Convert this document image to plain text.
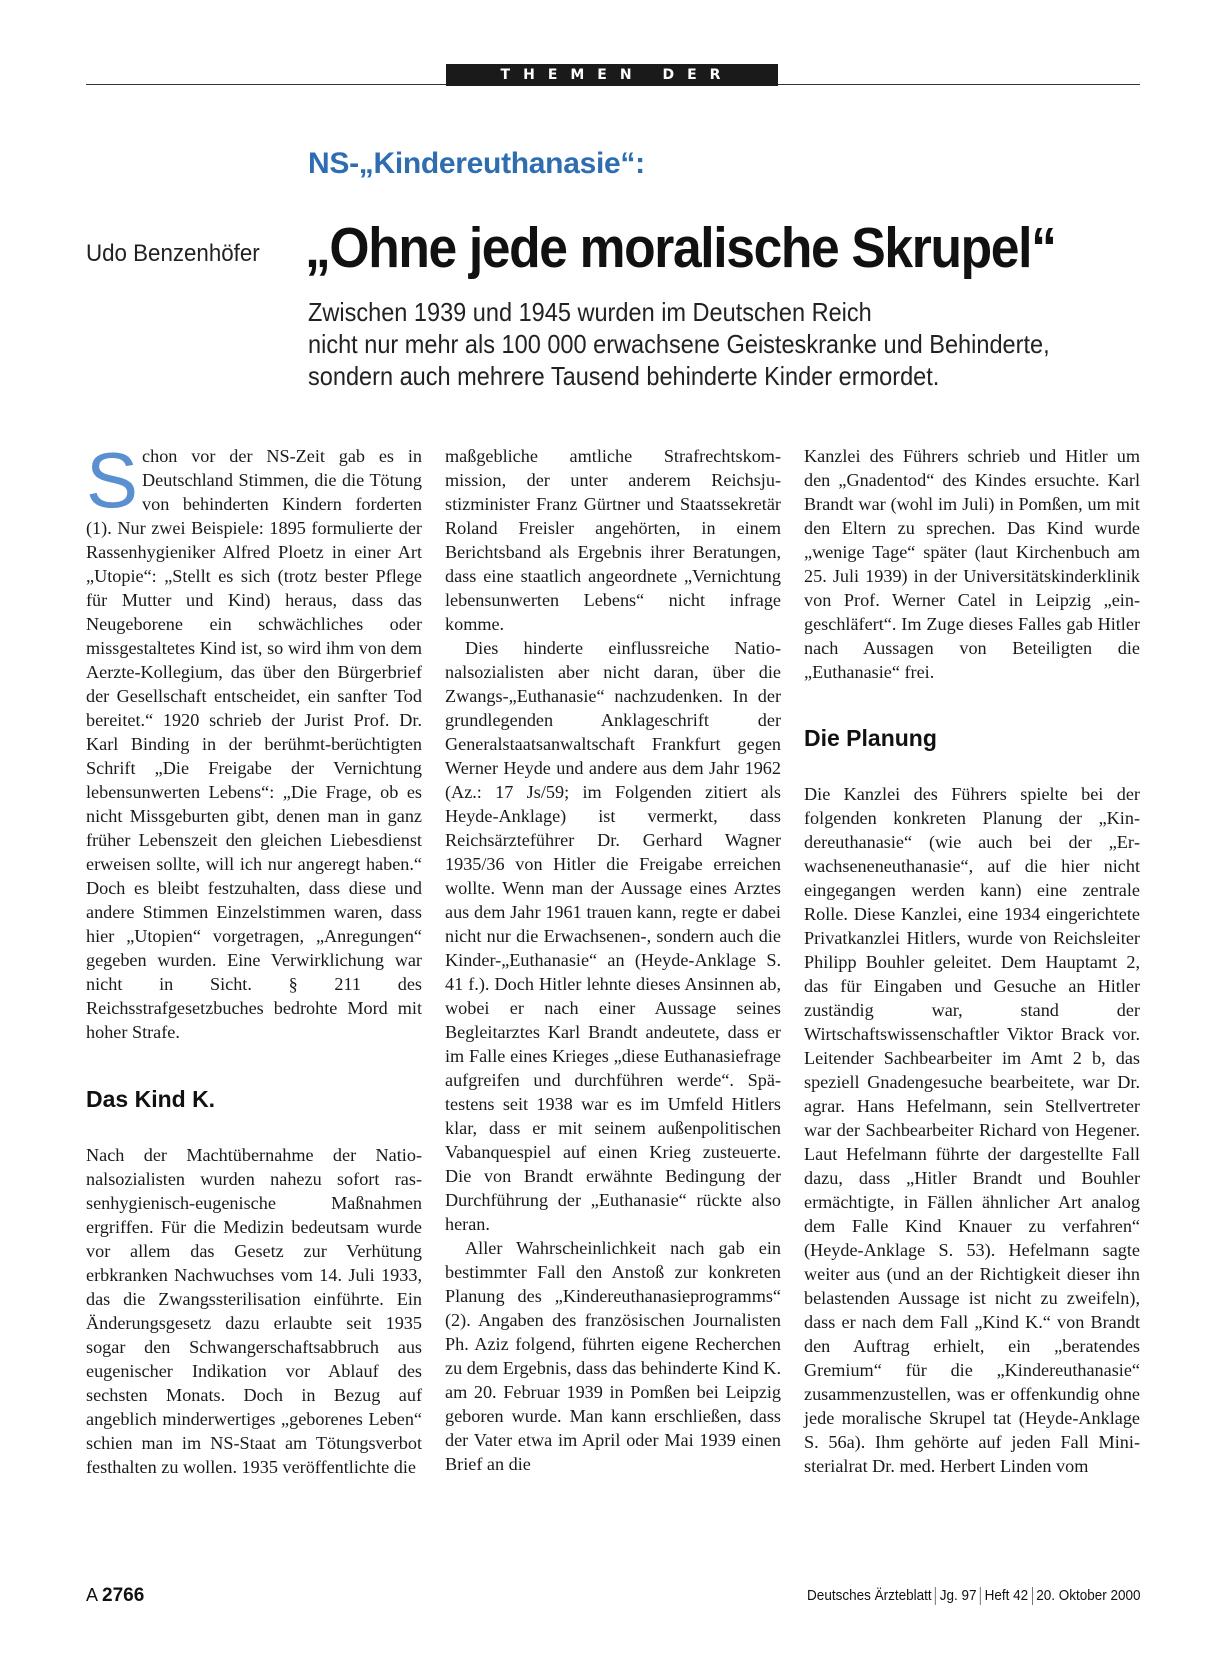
THEMEN DER ZEIT
NS-„Kindereuthanasie“:
Udo Benzenhöfer „Ohne jede moralische Skrupel“
Zwischen 1939 und 1945 wurden im Deutschen Reich
nicht nur mehr als 100 000 erwachsene Geisteskranke und Behinderte,
sondern auch mehrere Tausend behinderte Kinder ermordet.

Schon vor der NS-Zeit gab es in Deutschland Stimmen, die die Tötung von behinderten Kindern forderten (1). Nur zwei Beispiele: 1895 formulierte der Rassenhygieniker Alfred Ploetz in einer Art „Utopie“: „Stellt es sich (trotz bester Pflege für Mutter und Kind) heraus, dass das Neugeborene ein schwächliches oder missgestaltetes Kind ist, so wird ihm von dem Aerzte-Kollegium, das über den Bürgerbrief der Gesellschaft entscheidet, ein sanfter Tod bereitet.“ 1920 schrieb der Jurist Prof. Dr. Karl Binding in der berühmt-berüchtigten Schrift „Die Freigabe der Vernichtung lebensunwerten Lebens“: „Die Frage, ob es nicht Missgeburten gibt, denen man in ganz früher Lebenszeit den gleichen Liebesdienst erweisen sollte, will ich nur angeregt haben.“ Doch es bleibt festzuhalten, dass diese und andere Stimmen Einzelstimmen waren, dass hier „Utopien“ vorgetragen, „Anregungen“ gegeben wurden. Eine Verwirklichung war nicht in Sicht. § 211 des Reichsstrafgesetzbuches bedrohte Mord mit hoher Strafe.

Das Kind K.

Nach der Machtübernahme der Nationalsozialisten wurden nahezu sofort rassenhygienisch-eugenische Maßnahmen ergriffen. Für die Medizin bedeutsam wurde vor allem das Gesetz zur Verhütung erbkranken Nachwuchses vom 14. Juli 1933, das die Zwangssterilisation einführte. Ein Änderungsgesetz dazu erlaubte seit 1935 sogar den Schwangerschaftsabbruch aus eugenischer Indikation vor Ablauf des sechsten Monats. Doch in Bezug auf angeblich minderwertiges „geborenes Leben“ schien man im NS-Staat am Tötungsverbot festhalten zu wollen. 1935 veröffentlichte die

maßgebliche amtliche Strafrechtskommission, der unter anderem Reichsjustizminister Franz Gürtner und Staatssekretär Roland Freisler angehörten, in einem Berichtsband als Ergebnis ihrer Beratungen, dass eine staatlich angeordnete „Vernichtung lebensunwerten Lebens“ nicht infrage komme.

Dies hinderte einflussreiche Nationalsozialisten aber nicht daran, über die Zwangs-„Euthanasie“ nachzudenken. In der grundlegenden Anklageschrift der Generalstaatsanwaltschaft Frankfurt gegen Werner Heyde und andere aus dem Jahr 1962 (Az.: 17 Js/59; im Folgenden zitiert als Heyde-Anklage) ist vermerkt, dass Reichsärzteführer Dr. Gerhard Wagner 1935/36 von Hitler die Freigabe erreichen wollte. Wenn man der Aussage eines Arztes aus dem Jahr 1961 trauen kann, regte er dabei nicht nur die Erwachsenen-, sondern auch die Kinder-„Euthanasie“ an (Heyde-Anklage S. 41 f.). Doch Hitler lehnte dieses Ansinnen ab, wobei er nach einer Aussage seines Begleitarztes Karl Brandt andeutete, dass er im Falle eines Krieges „diese Euthanasiefrage aufgreifen und durchführen werde“. Spätestens seit 1938 war es im Umfeld Hitlers klar, dass er mit seinem außenpolitischen Vabanquespiel auf einen Krieg zusteuerte. Die von Brandt erwähnte Bedingung der Durchführung der „Euthanasie“ rückte also heran.

Aller Wahrscheinlichkeit nach gab ein bestimmter Fall den Anstoß zur konkreten Planung des „Kindereuthanasieprogramms“ (2). Angaben des französischen Journalisten Ph. Aziz folgend, führten eigene Recherchen zu dem Ergebnis, dass das behinderte Kind K. am 20. Februar 1939 in Pomßen bei Leipzig geboren wurde. Man kann erschließen, dass der Vater etwa im April oder Mai 1939 einen Brief an die

Kanzlei des Führers schrieb und Hitler um den „Gnadentod“ des Kindes ersuchte. Karl Brandt war (wohl im Juli) in Pomßen, um mit den Eltern zu sprechen. Das Kind wurde „wenige Tage“ später (laut Kirchenbuch am 25. Juli 1939) in der Universitätskinderklinik von Prof. Werner Catel in Leipzig „eingeschläfert“. Im Zuge dieses Falles gab Hitler nach Aussagen von Beteiligten die „Euthanasie“ frei.

Die Planung

Die Kanzlei des Führers spielte bei der folgenden konkreten Planung der „Kindereuthanasie“ (wie auch bei der „Erwachseneneuthanasie“, auf die hier nicht eingegangen werden kann) eine zentrale Rolle. Diese Kanzlei, eine 1934 eingerichtete Privatkanzlei Hitlers, wurde von Reichsleiter Philipp Bouhler geleitet. Dem Hauptamt 2, das für Eingaben und Gesuche an Hitler zuständig war, stand der Wirtschaftswissenschaftler Viktor Brack vor. Leitender Sachbearbeiter im Amt 2 b, das speziell Gnadengesuche bearbeitete, war Dr. agrar. Hans Hefelmann, sein Stellvertreter war der Sachbearbeiter Richard von Hegener. Laut Hefelmann führte der dargestellte Fall dazu, dass „Hitler Brandt und Bouhler ermächtigte, in Fällen ähnlicher Art analog dem Falle Kind Knauer zu verfahren“ (Heyde-Anklage S. 53). Hefelmann sagte weiter aus (und an der Richtigkeit dieser ihn belastenden Aussage ist nicht zu zweifeln), dass er nach dem Fall „Kind K.“ von Brandt den Auftrag erhielt, ein „beratendes Gremium“ für die „Kindereuthanasie“ zusammenzustellen, was er offenkundig ohne jede moralische Skrupel tat (Heyde-Anklage S. 56a). Ihm gehörte auf jeden Fall Ministerialrat Dr. med. Herbert Linden vom

A 2766	Deutsches Ärzteblatt Jg. 97 Heft 42 20. Oktober 2000
